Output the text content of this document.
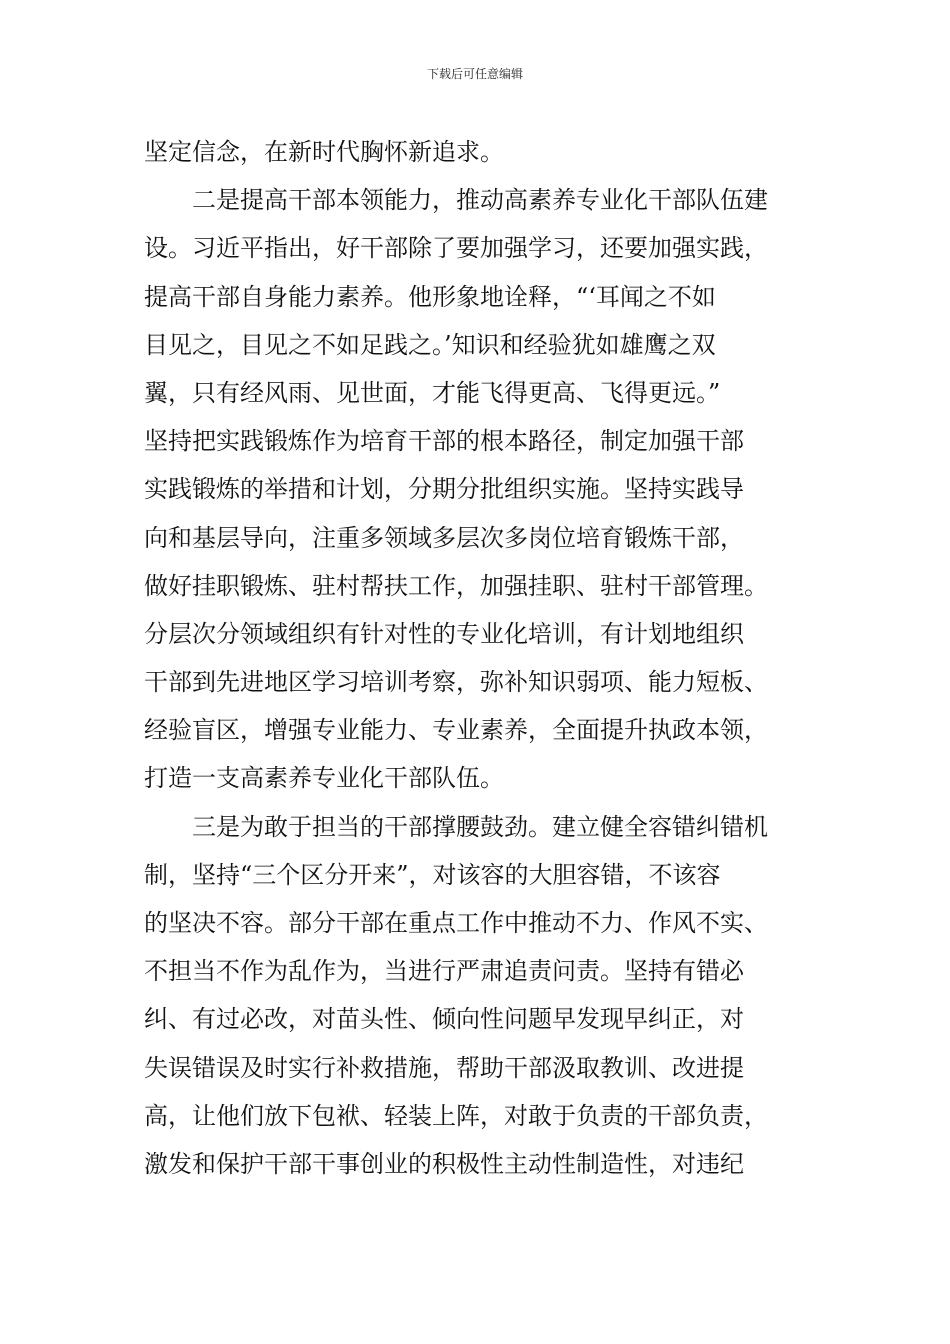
下载后可任意编辑
坚定信念，在新时代胸怀新追求。
二是提高干部本领能力，推动高素养专业化干部队伍建
设。习近平指出，好干部除了要加强学习，还要加强实践，
提高干部自身能力素养。他形象地诠释，“‘耳闻之不如
目见之，目见之不如足践之。’知识和经验犹如雄鹰之双
翼，只有经风雨、见世面，才能飞得更高、飞得更远。”
坚持把实践锻炼作为培育干部的根本路径，制定加强干部
实践锻炼的举措和计划，分期分批组织实施。坚持实践导
向和基层导向，注重多领域多层次多岗位培育锻炼干部，
做好挂职锻炼、驻村帮扶工作，加强挂职、驻村干部管理。
分层次分领域组织有针对性的专业化培训，有计划地组织
干部到先进地区学习培训考察，弥补知识弱项、能力短板、
经验盲区，增强专业能力、专业素养，全面提升执政本领，
打造一支高素养专业化干部队伍。
三是为敢于担当的干部撑腰鼓劲。建立健全容错纠错机
制，坚持“三个区分开来”，对该容的大胆容错，不该容
的坚决不容。部分干部在重点工作中推动不力、作风不实、
不担当不作为乱作为，当进行严肃追责问责。坚持有错必
纠、有过必改，对苗头性、倾向性问题早发现早纠正，对
失误错误及时实行补救措施，帮助干部汲取教训、改进提
高，让他们放下包袱、轻装上阵，对敢于负责的干部负责，
激发和保护干部干事创业的积极性主动性制造性，对违纪
